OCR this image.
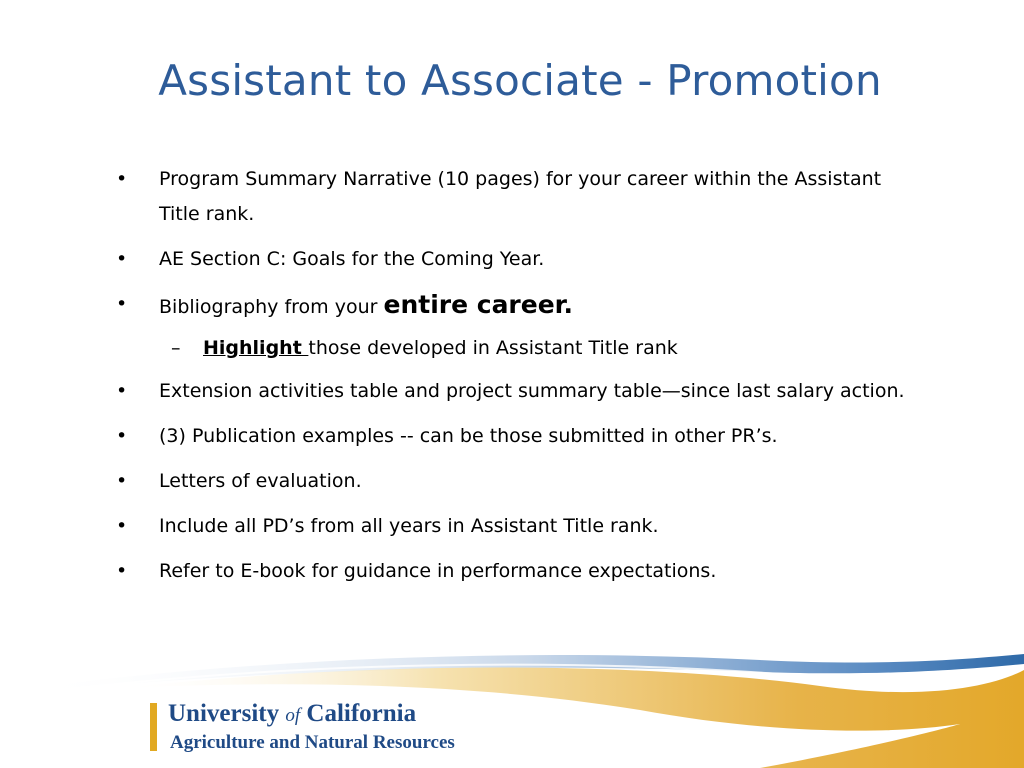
Assistant to Associate - Promotion
• Program Summary Narrative (10 pages) for your career within the Assistant Title rank.
• AE Section C: Goals for the Coming Year.
• Bibliography from your entire career.
– Highlight those developed in Assistant Title rank
• Extension activities table and project summary table—since last salary action.
• (3) Publication examples -- can be those submitted in other PR’s.
• Letters of evaluation.
• Include all PD’s from all years in Assistant Title rank.
• Refer to E-book for guidance in performance expectations.
University of California
Agriculture and Natural Resources
